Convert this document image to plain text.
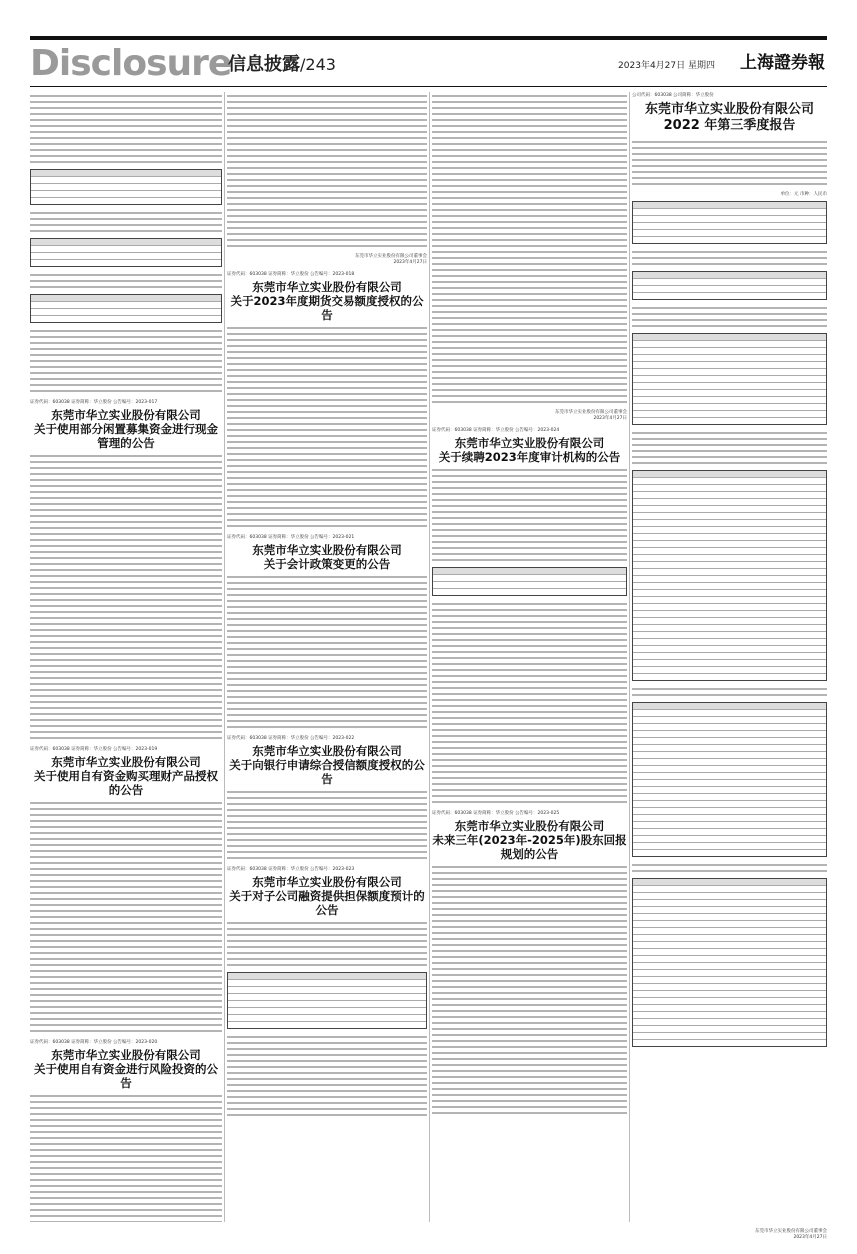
Disclosure
信息披露/243	2023年4月27日 星期四 上海證券報
证券代码：603038 证券简称：华立股份 公告编号：2023-017
东莞市华立实业股份有限公司
关于使用部分闲置募集资金进行现金管理的公告
证券代码：603038 证券简称：华立股份 公告编号：2023-019
东莞市华立实业股份有限公司
关于使用自有资金购买理财产品授权的公告
证券代码：603038 证券简称：华立股份 公告编号：2023-020
东莞市华立实业股份有限公司
关于使用自有资金进行风险投资的公告
东莞市华立实业股份有限公司董事会
2023年4月27日
证券代码：603038 证券简称：华立股份 公告编号：2023-018
东莞市华立实业股份有限公司
关于2023年度期货交易额度授权的公告
证券代码：603038 证券简称：华立股份 公告编号：2023-021
东莞市华立实业股份有限公司
关于会计政策变更的公告
证券代码：603038 证券简称：华立股份 公告编号：2023-022
东莞市华立实业股份有限公司
关于向银行申请综合授信额度授权的公告
证券代码：603038 证券简称：华立股份 公告编号：2023-023
东莞市华立实业股份有限公司
关于对子公司融资提供担保额度预计的公告
东莞市华立实业股份有限公司董事会
2023年4月27日
证券代码：603038 证券简称：华立股份 公告编号：2023-024
东莞市华立实业股份有限公司
关于续聘2023年度审计机构的公告
证券代码：603038 证券简称：华立股份 公告编号：2023-025
东莞市华立实业股份有限公司
未来三年(2023年-2025年)股东回报规划的公告
公司代码：603038 公司简称：华立股份
东莞市华立实业股份有限公司 2022 年第三季度报告
单位：元 币种：人民币
东莞市华立实业股份有限公司董事会
2023年4月27日
